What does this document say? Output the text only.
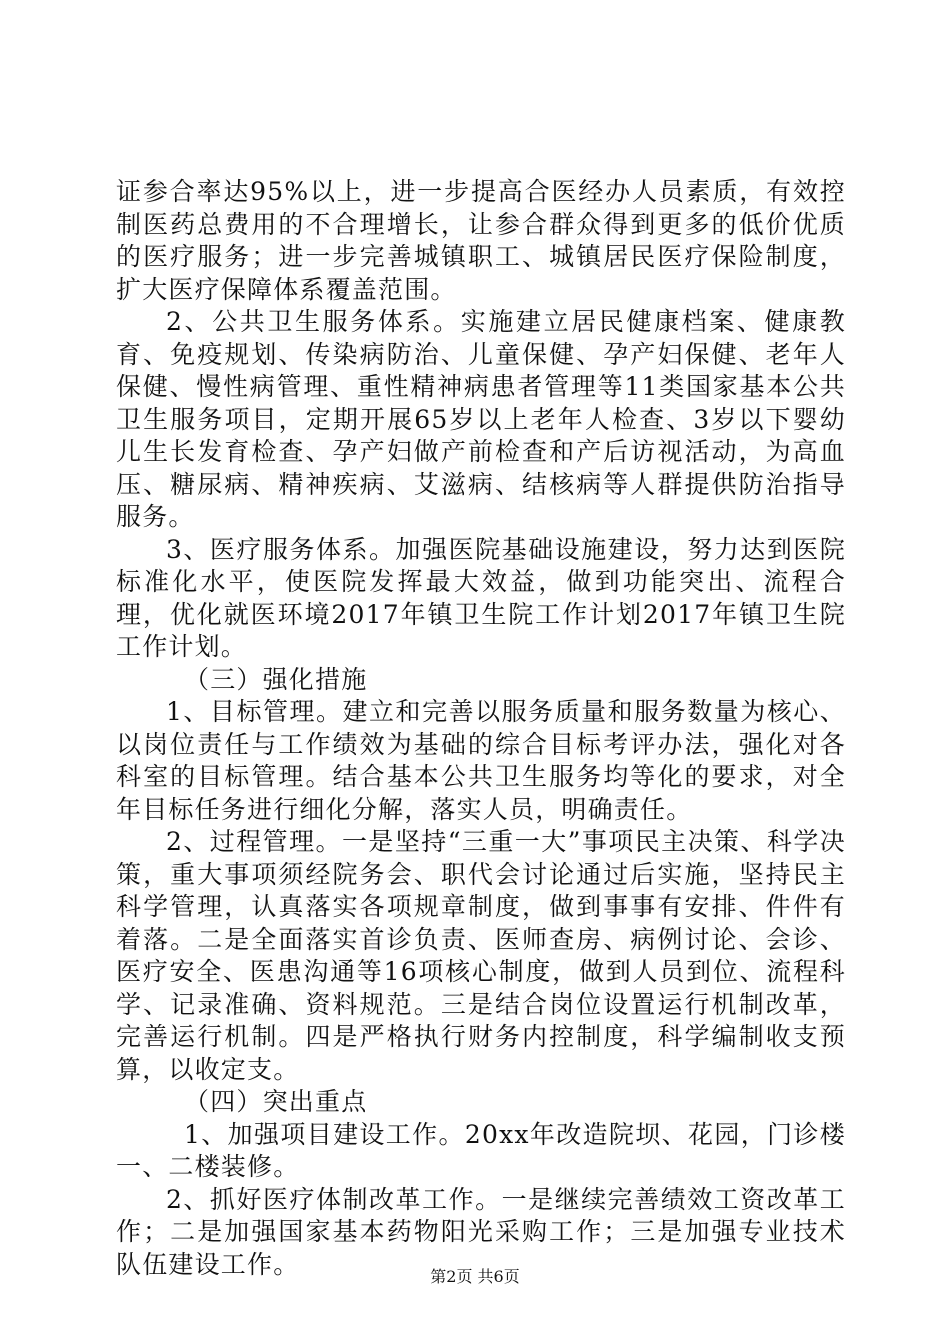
证参合率达95%以上，进一步提高合医经办人员素质，有效控制医药总费用的不合理增长，让参合群众得到更多的低价优质的医疗服务；进一步完善城镇职工、城镇居民医疗保险制度，扩大医疗保障体系覆盖范围。

2、公共卫生服务体系。实施建立居民健康档案、健康教育、免疫规划、传染病防治、儿童保健、孕产妇保健、老年人保健、慢性病管理、重性精神病患者管理等11类国家基本公共卫生服务项目，定期开展65岁以上老年人检查、3岁以下婴幼儿生长发育检查、孕产妇做产前检查和产后访视活动，为高血压、糖尿病、精神疾病、艾滋病、结核病等人群提供防治指导服务。

3、医疗服务体系。加强医院基础设施建设，努力达到医院标准化水平，使医院发挥最大效益，做到功能突出、流程合理，优化就医环境2017年镇卫生院工作计划2017年镇卫生院工作计划。

（三）强化措施

1、目标管理。建立和完善以服务质量和服务数量为核心、以岗位责任与工作绩效为基础的综合目标考评办法，强化对各科室的目标管理。结合基本公共卫生服务均等化的要求，对全年目标任务进行细化分解，落实人员，明确责任。

2、过程管理。一是坚持“三重一大”事项民主决策、科学决策，重大事项须经院务会、职代会讨论通过后实施，坚持民主科学管理，认真落实各项规章制度，做到事事有安排、件件有着落。二是全面落实首诊负责、医师查房、病例讨论、会诊、医疗安全、医患沟通等16项核心制度，做到人员到位、流程科学、记录准确、资料规范。三是结合岗位设置运行机制改革，完善运行机制。四是严格执行财务内控制度，科学编制收支预算，以收定支。

（四）突出重点

1、加强项目建设工作。20xx年改造院坝、花园，门诊楼一、二楼装修。

2、抓好医疗体制改革工作。一是继续完善绩效工资改革工作；二是加强国家基本药物阳光采购工作；三是加强专业技术队伍建设工作。	第2页 共6页
